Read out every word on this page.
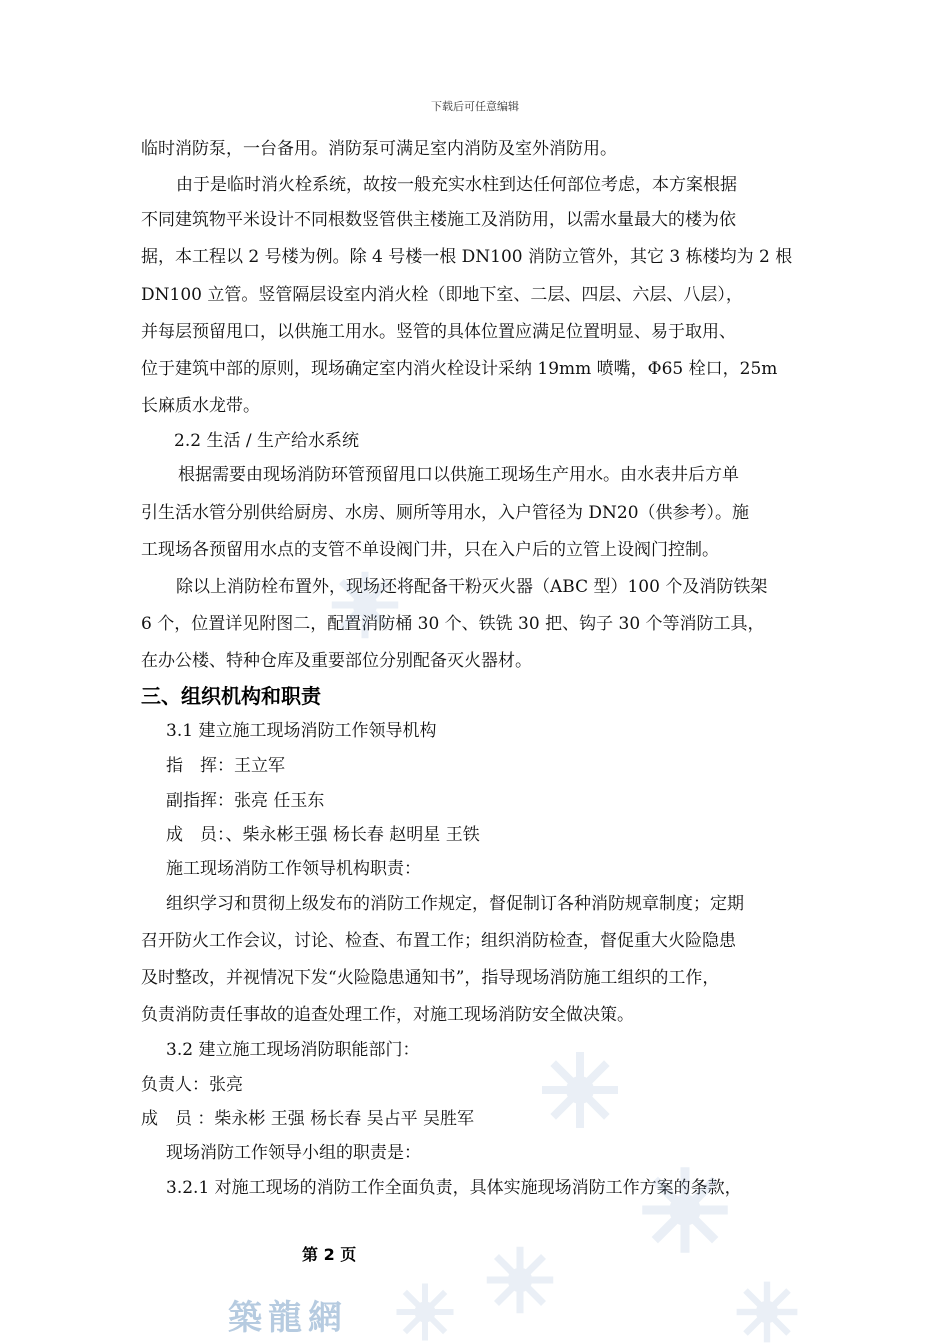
下载后可任意编辑
临时消防泵，一台备用。消防泵可满足室内消防及室外消防用。
由于是临时消火栓系统，故按一般充实水柱到达任何部位考虑，本方案根据
不同建筑物平米设计不同根数竖管供主楼施工及消防用，以需水量最大的楼为依
据，本工程以 2 号楼为例。除 4 号楼一根 DN100 消防立管外，其它 3 栋楼均为 2 根
DN100 立管。竖管隔层设室内消火栓（即地下室、二层、四层、六层、八层），
并每层预留甩口，以供施工用水。竖管的具体位置应满足位置明显、易于取用、
位于建筑中部的原则，现场确定室内消火栓设计采纳 19mm 喷嘴，Φ65 栓口，25m
长麻质水龙带。
2.2 生活 / 生产给水系统
根据需要由现场消防环管预留甩口以供施工现场生产用水。由水表井后方单
引生活水管分别供给厨房、水房、厕所等用水，入户管径为 DN20（供参考）。施
工现场各预留用水点的支管不单设阀门井，只在入户后的立管上设阀门控制。
除以上消防栓布置外，现场还将配备干粉灭火器（ABC 型）100 个及消防铁架
6 个，位置详见附图二，配置消防桶 30 个、铁铣 30 把、钩子 30 个等消防工具，
在办公楼、特种仓库及重要部位分别配备灭火器材。
三、组织机构和职责
3.1 建立施工现场消防工作领导机构
指　挥：王立军
副指挥：张亮 任玉东
成　员：、柴永彬王强 杨长春 赵明星 王铁
施工现场消防工作领导机构职责：
组织学习和贯彻上级发布的消防工作规定，督促制订各种消防规章制度；定期
召开防火工作会议，讨论、检查、布置工作；组织消防检查，督促重大火险隐患
及时整改，并视情况下发“火险隐患通知书”，指导现场消防施工组织的工作，
负责消防责任事故的追查处理工作，对施工现场消防安全做决策。
3.2 建立施工现场消防职能部门：
负责人：张亮
成　员 ：柴永彬 王强 杨长春 吴占平 吴胜军
现场消防工作领导小组的职责是：
3.2.1 对施工现场的消防工作全面负责，具体实施现场消防工作方案的条款，
第 2 页
築龍網
